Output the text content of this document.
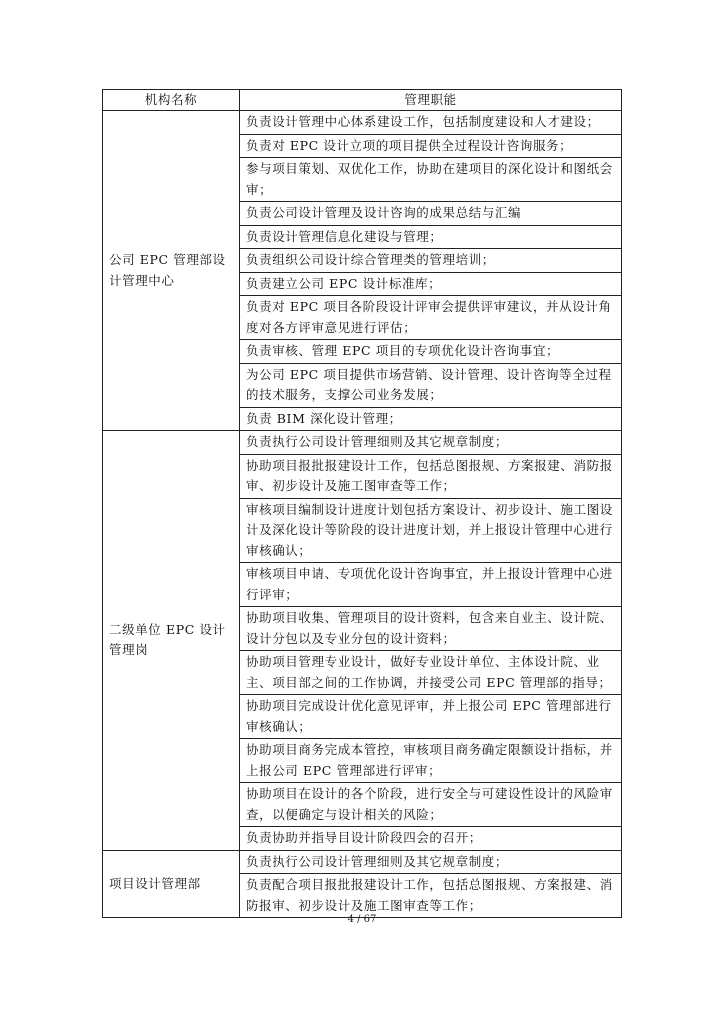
机构名称	管理职能
公司 EPC 管理部设计管理中心	负责设计管理中心体系建设工作，包括制度建设和人才建设；
	负责对 EPC 设计立项的项目提供全过程设计咨询服务；
	参与项目策划、双优化工作，协助在建项目的深化设计和图纸会审；
	负责公司设计管理及设计咨询的成果总结与汇编
	负责设计管理信息化建设与管理；
	负责组织公司设计综合管理类的管理培训；
	负责建立公司 EPC 设计标准库；
	负责对 EPC 项目各阶段设计评审会提供评审建议，并从设计角度对各方评审意见进行评估；
	负责审核、管理 EPC 项目的专项优化设计咨询事宜；
	为公司 EPC 项目提供市场营销、设计管理、设计咨询等全过程的技术服务，支撑公司业务发展；
	负责 BIM 深化设计管理；
二级单位 EPC 设计管理岗	负责执行公司设计管理细则及其它规章制度；
	协助项目报批报建设计工作，包括总图报规、方案报建、消防报审、初步设计及施工图审查等工作；
	审核项目编制设计进度计划包括方案设计、初步设计、施工图设计及深化设计等阶段的设计进度计划，并上报设计管理中心进行审核确认；
	审核项目申请、专项优化设计咨询事宜，并上报设计管理中心进行评审；
	协助项目收集、管理项目的设计资料，包含来自业主、设计院、设计分包以及专业分包的设计资料；
	协助项目管理专业设计，做好专业设计单位、主体设计院、业主、项目部之间的工作协调，并接受公司 EPC 管理部的指导；
	协助项目完成设计优化意见评审，并上报公司 EPC 管理部进行审核确认；
	协助项目商务完成本管控，审核项目商务确定限额设计指标，并上报公司 EPC 管理部进行评审；
	协助项目在设计的各个阶段，进行安全与可建设性设计的风险审查，以便确定与设计相关的风险；
	负责协助并指导目设计阶段四会的召开；
项目设计管理部	负责执行公司设计管理细则及其它规章制度；
	负责配合项目报批报建设计工作，包括总图报规、方案报建、消防报审、初步设计及施工图审查等工作；
4 / 67
